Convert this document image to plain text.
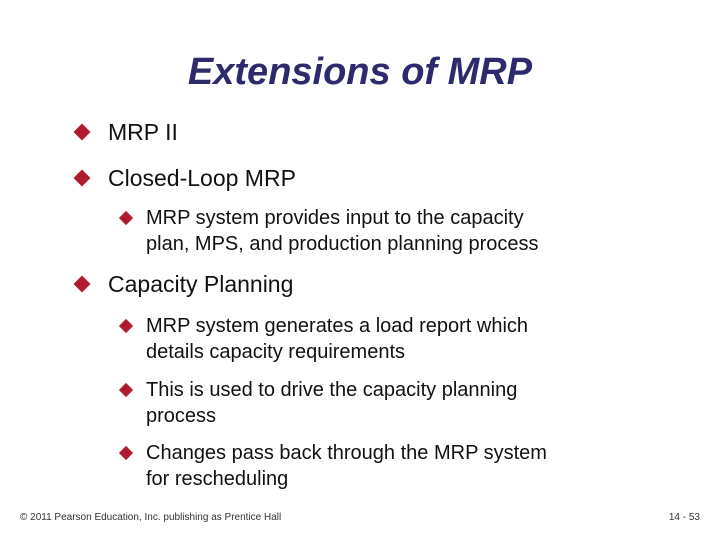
Extensions of MRP
MRP II
Closed-Loop MRP
MRP system provides input to the capacity
plan, MPS, and production planning process
Capacity Planning
MRP system generates a load report which
details capacity requirements
This is used to drive the capacity planning
process
Changes pass back through the MRP system
for rescheduling
© 2011 Pearson Education, Inc. publishing as Prentice Hall	14 - 53
